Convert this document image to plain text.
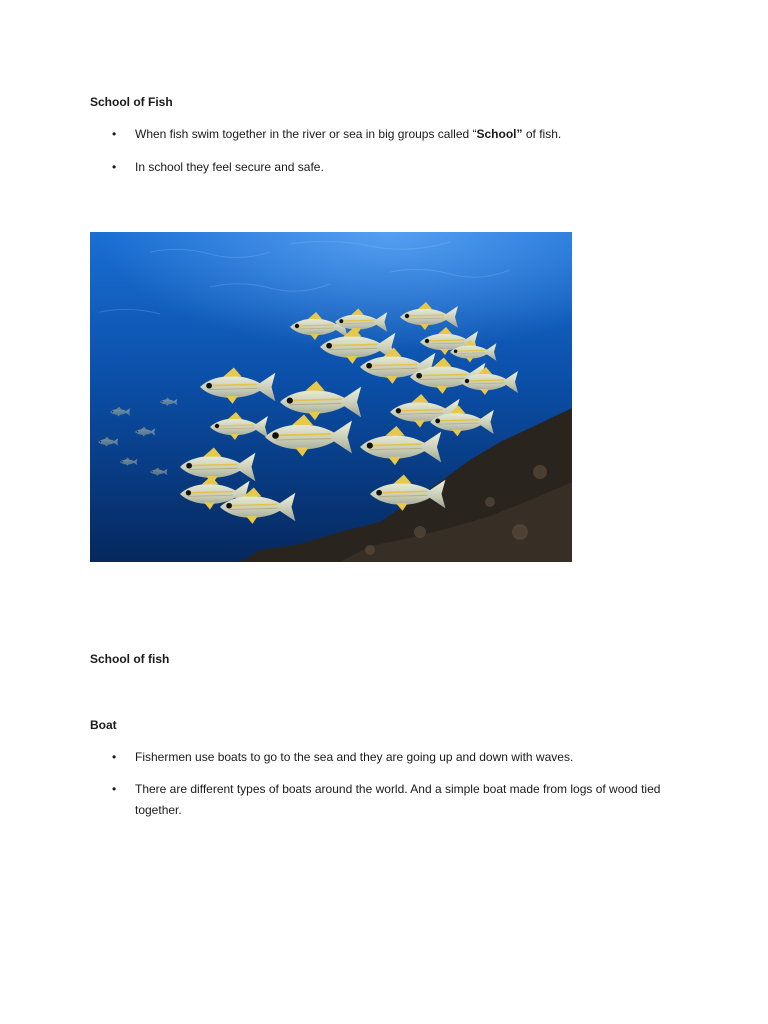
School of Fish
• When fish swim together in the river or sea in big groups called “School” of fish.
• In school they feel secure and safe.

School of fish

Boat
• Fishermen use boats to go to the sea and they are going up and down with waves.
• There are different types of boats around the world. And a simple boat made from logs of wood tied together.
